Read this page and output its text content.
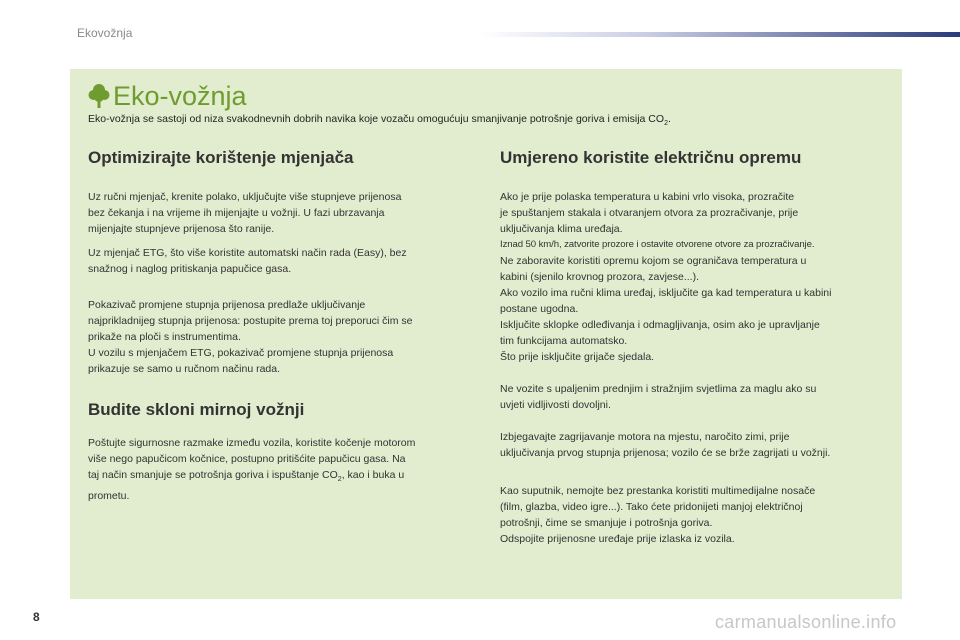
Ekovožnja
Eko-vožnja
Eko-vožnja se sastoji od niza svakodnevnih dobrih navika koje vozaču omogućuju smanjivanje potrošnje goriva i emisija $CO_2$.
Optimizirajte korištenje mjenjača
Uz ručni mjenjač, krenite polako, uključujte više stupnjeve prijenosa
bez čekanja i na vrijeme ih mijenjajte u vožnji. U fazi ubrzavanja
mijenjajte stupnjeve prijenosa što ranije.
Uz mjenjač ETG, što više koristite automatski način rada (Easy), bez
snažnog i naglog pritiskanja papučice gasa.
Pokazivač promjene stupnja prijenosa predlaže uključivanje
najprikladnijeg stupnja prijenosa: postupite prema toj preporuci čim se
prikaže na ploči s instrumentima.
U vozilu s mjenjačem ETG, pokazivač promjene stupnja prijenosa
prikazuje se samo u ručnom načinu rada.
Budite skloni mirnoj vožnji
Poštujte sigurnosne razmake između vozila, koristite kočenje motorom
više nego papučicom kočnice, postupno pritišćite papučicu gasa. Na
taj način smanjuje se potrošnja goriva i ispuštanje $CO_2$, kao i buka u
prometu.
Umjereno koristite električnu opremu
Ako je prije polaska temperatura u kabini vrlo visoka, prozračite
je spuštanjem stakala i otvaranjem otvora za prozračivanje, prije
uključivanja klima uređaja.
Iznad 50 km/h, zatvorite prozore i ostavite otvorene otvore za prozračivanje.
Ne zaboravite koristiti opremu kojom se ograničava temperatura u
kabini (sjenilo krovnog prozora, zavjese...).
Ako vozilo ima ručni klima uređaj, isključite ga kad temperatura u kabini
postane ugodna.
Isključite sklopke odleđivanja i odmagljivanja, osim ako je upravljanje
tim funkcijama automatsko.
Što prije isključite grijače sjedala.
Ne vozite s upaljenim prednjim i stražnjim svjetlima za maglu ako su
uvjeti vidljivosti dovoljni.
Izbjegavajte zagrijavanje motora na mjestu, naročito zimi, prije
uključivanja prvog stupnja prijenosa; vozilo će se brže zagrijati u vožnji.
Kao suputnik, nemojte bez prestanka koristiti multimedijalne nosače
(film, glazba, video igre...). Tako ćete pridonijeti manjoj električnoj
potrošnji, čime se smanjuje i potrošnja goriva.
Odspojite prijenosne uređaje prije izlaska iz vozila.
8	carmanualsonline.info
